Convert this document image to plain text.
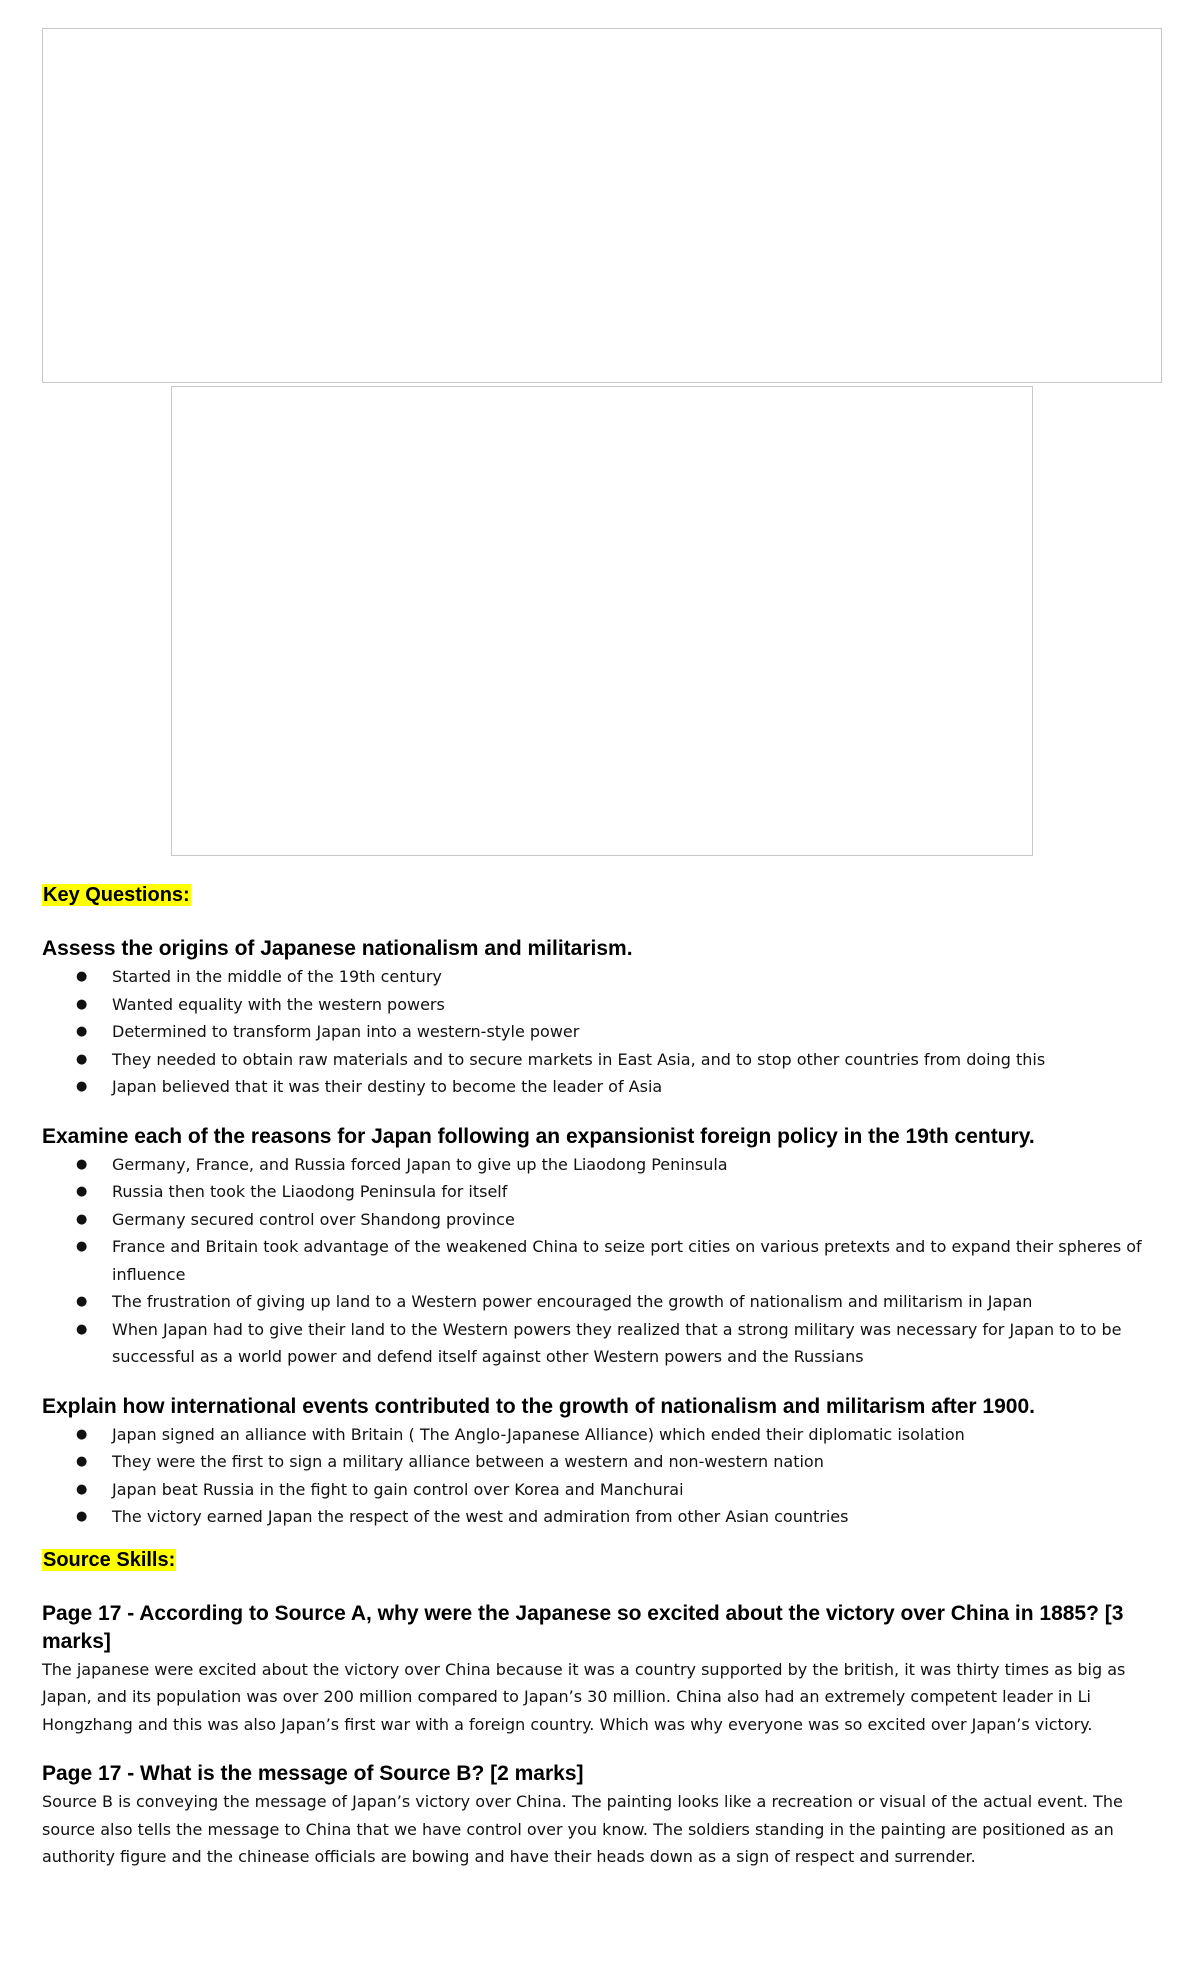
Key Questions:

Assess the origins of Japanese nationalism and militarism.

● Started in the middle of the 19th century
● Wanted equality with the western powers
● Determined to transform Japan into a western-style power
● They needed to obtain raw materials and to secure markets in East Asia, and to stop other countries from doing this
● Japan believed that it was their destiny to become the leader of Asia

Examine each of the reasons for Japan following an expansionist foreign policy in the 19th century.

● Germany, France, and Russia forced Japan to give up the Liaodong Peninsula
● Russia then took the Liaodong Peninsula for itself
● Germany secured control over Shandong province
● France and Britain took advantage of the weakened China to seize port cities on various pretexts and to expand their spheres of influence
● The frustration of giving up land to a Western power encouraged the growth of nationalism and militarism in Japan
● When Japan had to give their land to the Western powers they realized that a strong military was necessary for Japan to to be successful as a world power and defend itself against other Western powers and the Russians

Explain how international events contributed to the growth of nationalism and militarism after 1900.

● Japan signed an alliance with Britain ( The Anglo-Japanese Alliance) which ended their diplomatic isolation
● They were the first to sign a military alliance between a western and non-western nation
● Japan beat Russia in the fight to gain control over Korea and Manchurai
● The victory earned Japan the respect of the west and admiration from other Asian countries
Source Skills:

Page 17 - According to Source A, why were the Japanese so excited about the victory over China in 1885? [3 marks]

The japanese were excited about the victory over China because it was a country supported by the british, it was thirty times as big as Japan, and its population was over 200 million compared to Japan’s 30 million. China also had an extremely competent leader in Li Hongzhang and this was also Japan’s first war with a foreign country. Which was why everyone was so excited over Japan’s victory.

Page 17 - What is the message of Source B? [2 marks]

Source B is conveying the message of Japan’s victory over China. The painting looks like a recreation or visual of the actual event. The source also tells the message to China that we have control over you know. The soldiers standing in the painting are positioned as an authority figure and the chinease officials are bowing and have their heads down as a sign of respect and surrender.
